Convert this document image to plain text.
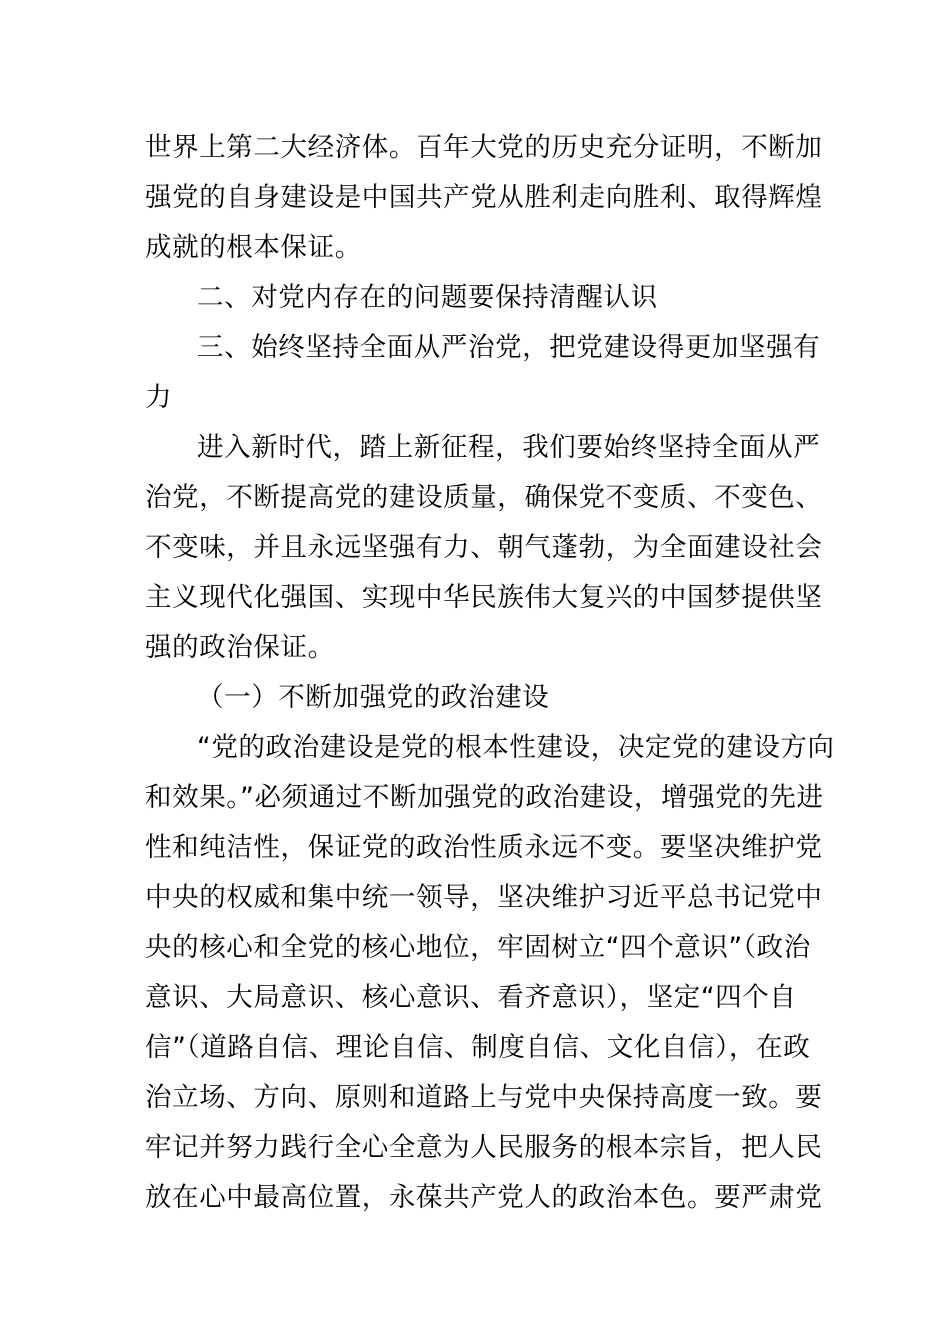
世界上第二大经济体。百年大党的历史充分证明，不断加
强党的自身建设是中国共产党从胜利走向胜利、取得辉煌
成就的根本保证。
二、对党内存在的问题要保持清醒认识
三、始终坚持全面从严治党，把党建设得更加坚强有
力
进入新时代，踏上新征程，我们要始终坚持全面从严
治党，不断提高党的建设质量，确保党不变质、不变色、
不变味，并且永远坚强有力、朝气蓬勃，为全面建设社会
主义现代化强国、实现中华民族伟大复兴的中国梦提供坚
强的政治保证。
（一）不断加强党的政治建设
“党的政治建设是党的根本性建设，决定党的建设方向
和效果。”必须通过不断加强党的政治建设，增强党的先进
性和纯洁性，保证党的政治性质永远不变。要坚决维护党
中央的权威和集中统一领导，坚决维护习近平总书记党中
央的核心和全党的核心地位，牢固树立“四个意识”（政治
意识、大局意识、核心意识、看齐意识），坚定“四个自
信”（道路自信、理论自信、制度自信、文化自信），在政
治立场、方向、原则和道路上与党中央保持高度一致。要
牢记并努力践行全心全意为人民服务的根本宗旨，把人民
放在心中最高位置，永葆共产党人的政治本色。要严肃党
